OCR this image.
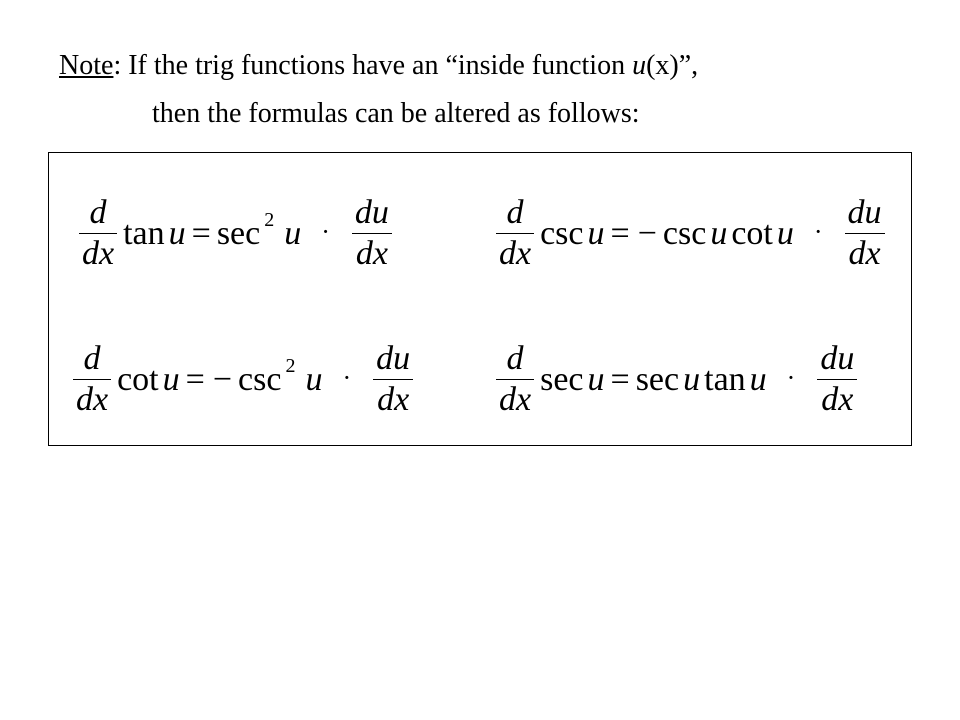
Note: If the trig functions have an “inside function u(x)”,
then the formulas can be altered as follows:
$\frac{d}{dx}$ tan u = sec 2 $u \cdot \frac{du}{dx}$	$\frac{d}{dx}$ csc u = − csc u $\cot u \cdot \frac{du}{dx}$
$\frac{d}{dx}$ cot u = − csc 2 $u \cdot \frac{du}{dx} \frac{d}{dx}$ sec u = sec u $\tan u \cdot \frac{du}{dx}$
